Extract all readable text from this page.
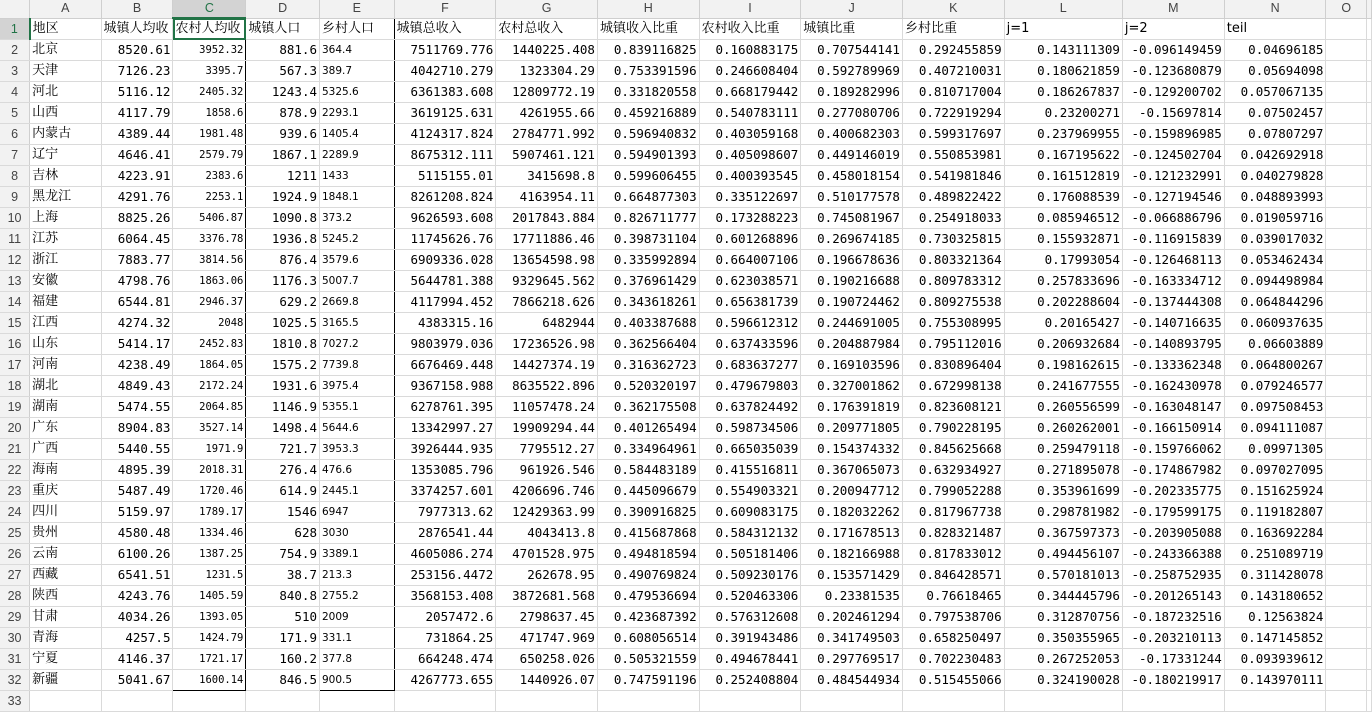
	A	B	C	D	E	F	G	H	I	J	K	L	M	N	O	
1	地区	城镇人均收	农村人均收	城镇人口	乡村人口	城镇总收入	农村总收入	城镇收入比重	农村收入比重	城镇比重	乡村比重	j=1	j=2	teil		
2	北京	8520.61	3952.32	881.6	364.4	7511769.776	1440225.408	0.839116825	0.160883175	0.707544141	0.292455859	0.143111309	-0.096149459	0.04696185		
3	天津	7126.23	3395.7	567.3	389.7	4042710.279	1323304.29	0.753391596	0.246608404	0.592789969	0.407210031	0.180621859	-0.123680879	0.05694098		
4	河北	5116.12	2405.32	1243.4	5325.6	6361383.608	12809772.19	0.331820558	0.668179442	0.189282996	0.810717004	0.186267837	-0.129200702	0.057067135		
5	山西	4117.79	1858.6	878.9	2293.1	3619125.631	4261955.66	0.459216889	0.540783111	0.277080706	0.722919294	0.23200271	-0.15697814	0.07502457		
6	内蒙古	4389.44	1981.48	939.6	1405.4	4124317.824	2784771.992	0.596940832	0.403059168	0.400682303	0.599317697	0.237969955	-0.159896985	0.07807297		
7	辽宁	4646.41	2579.79	1867.1	2289.9	8675312.111	5907461.121	0.594901393	0.405098607	0.449146019	0.550853981	0.167195622	-0.124502704	0.042692918		
8	吉林	4223.91	2383.6	1211	1433	5115155.01	3415698.8	0.599606455	0.400393545	0.458018154	0.541981846	0.161512819	-0.121232991	0.040279828		
9	黑龙江	4291.76	2253.1	1924.9	1848.1	8261208.824	4163954.11	0.664877303	0.335122697	0.510177578	0.489822422	0.176088539	-0.127194546	0.048893993		
10	上海	8825.26	5406.87	1090.8	373.2	9626593.608	2017843.884	0.826711777	0.173288223	0.745081967	0.254918033	0.085946512	-0.066886796	0.019059716		
11	江苏	6064.45	3376.78	1936.8	5245.2	11745626.76	17711886.46	0.398731104	0.601268896	0.269674185	0.730325815	0.155932871	-0.116915839	0.039017032		
12	浙江	7883.77	3814.56	876.4	3579.6	6909336.028	13654598.98	0.335992894	0.664007106	0.196678636	0.803321364	0.17993054	-0.126468113	0.053462434		
13	安徽	4798.76	1863.06	1176.3	5007.7	5644781.388	9329645.562	0.376961429	0.623038571	0.190216688	0.809783312	0.257833696	-0.163334712	0.094498984		
14	福建	6544.81	2946.37	629.2	2669.8	4117994.452	7866218.626	0.343618261	0.656381739	0.190724462	0.809275538	0.202288604	-0.137444308	0.064844296		
15	江西	4274.32	2048	1025.5	3165.5	4383315.16	6482944	0.403387688	0.596612312	0.244691005	0.755308995	0.20165427	-0.140716635	0.060937635		
16	山东	5414.17	2452.83	1810.8	7027.2	9803979.036	17236526.98	0.362566404	0.637433596	0.204887984	0.795112016	0.206932684	-0.140893795	0.06603889		
17	河南	4238.49	1864.05	1575.2	7739.8	6676469.448	14427374.19	0.316362723	0.683637277	0.169103596	0.830896404	0.198162615	-0.133362348	0.064800267		
18	湖北	4849.43	2172.24	1931.6	3975.4	9367158.988	8635522.896	0.520320197	0.479679803	0.327001862	0.672998138	0.241677555	-0.162430978	0.079246577		
19	湖南	5474.55	2064.85	1146.9	5355.1	6278761.395	11057478.24	0.362175508	0.637824492	0.176391819	0.823608121	0.260556599	-0.163048147	0.097508453		
20	广东	8904.83	3527.14	1498.4	5644.6	13342997.27	19909294.44	0.401265494	0.598734506	0.209771805	0.790228195	0.260262001	-0.166150914	0.094111087		
21	广西	5440.55	1971.9	721.7	3953.3	3926444.935	7795512.27	0.334964961	0.665035039	0.154374332	0.845625668	0.259479118	-0.159766062	0.09971305		
22	海南	4895.39	2018.31	276.4	476.6	1353085.796	961926.546	0.584483189	0.415516811	0.367065073	0.632934927	0.271895078	-0.174867982	0.097027095		
23	重庆	5487.49	1720.46	614.9	2445.1	3374257.601	4206696.746	0.445096679	0.554903321	0.200947712	0.799052288	0.353961699	-0.202335775	0.151625924		
24	四川	5159.97	1789.17	1546	6947	7977313.62	12429363.99	0.390916825	0.609083175	0.182032262	0.817967738	0.298781982	-0.179599175	0.119182807		
25	贵州	4580.48	1334.46	628	3030	2876541.44	4043413.8	0.415687868	0.584312132	0.171678513	0.828321487	0.367597373	-0.203905088	0.163692284		
26	云南	6100.26	1387.25	754.9	3389.1	4605086.274	4701528.975	0.494818594	0.505181406	0.182166988	0.817833012	0.494456107	-0.243366388	0.251089719		
27	西藏	6541.51	1231.5	38.7	213.3	253156.4472	262678.95	0.490769824	0.509230176	0.153571429	0.846428571	0.570181013	-0.258752935	0.311428078		
28	陕西	4243.76	1405.59	840.8	2755.2	3568153.408	3872681.568	0.479536694	0.520463306	0.23381535	0.76618465	0.344445796	-0.201265143	0.143180652		
29	甘肃	4034.26	1393.05	510	2009	2057472.6	2798637.45	0.423687392	0.576312608	0.202461294	0.797538706	0.312870756	-0.187232516	0.12563824		
30	青海	4257.5	1424.79	171.9	331.1	731864.25	471747.969	0.608056514	0.391943486	0.341749503	0.658250497	0.350355965	-0.203210113	0.147145852		
31	宁夏	4146.37	1721.17	160.2	377.8	664248.474	650258.026	0.505321559	0.494678441	0.297769517	0.702230483	0.267252053	-0.17331244	0.093939612		
32	新疆	5041.67	1600.14	846.5	900.5	4267773.655	1440926.07	0.747591196	0.252408804	0.484544934	0.515455066	0.324190028	-0.180219917	0.143970111		
33																
